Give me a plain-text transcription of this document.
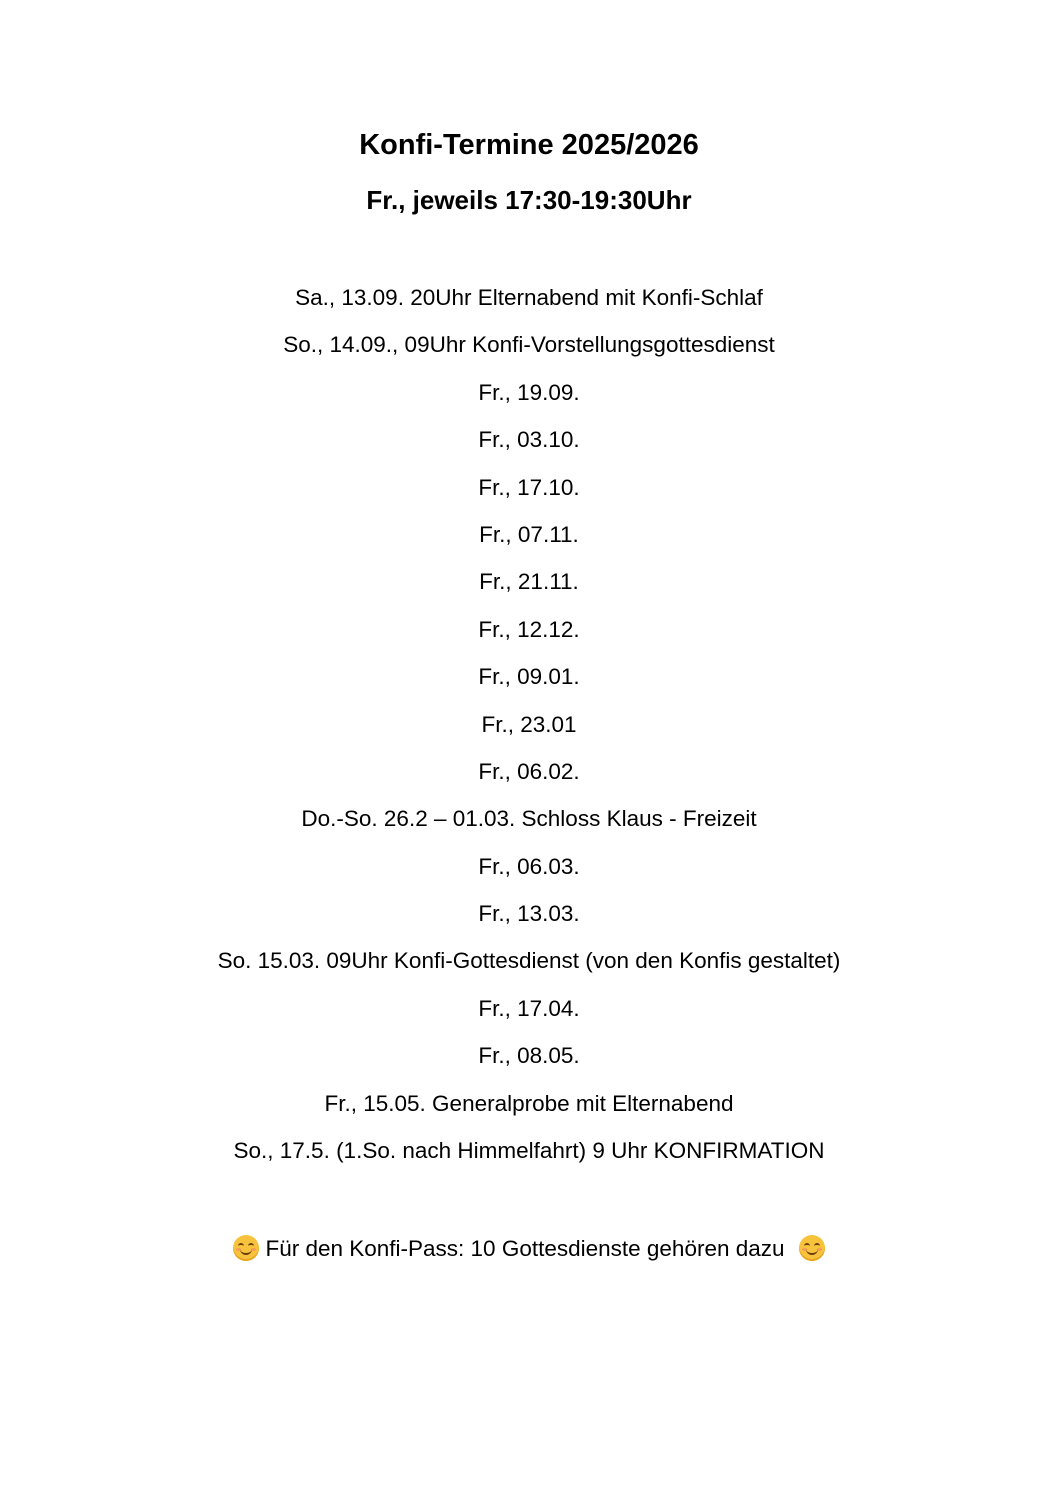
Konfi-Termine 2025/2026
Fr., jeweils 17:30-19:30Uhr
Sa., 13.09. 20Uhr Elternabend mit Konfi-Schlaf
So., 14.09., 09Uhr Konfi-Vorstellungsgottesdienst
Fr., 19.09.
Fr., 03.10.
Fr., 17.10.
Fr., 07.11.
Fr., 21.11.
Fr., 12.12.
Fr., 09.01.
Fr., 23.01
Fr., 06.02.
Do.-So. 26.2 – 01.03. Schloss Klaus - Freizeit
Fr., 06.03.
Fr., 13.03.
So. 15.03. 09Uhr Konfi-Gottesdienst (von den Konfis gestaltet)
Fr., 17.04.
Fr., 08.05.
Fr., 15.05. Generalprobe mit Elternabend
So., 17.5. (1.So. nach Himmelfahrt) 9 Uhr KONFIRMATION
Für den Konfi-Pass: 10 Gottesdienste gehören dazu
